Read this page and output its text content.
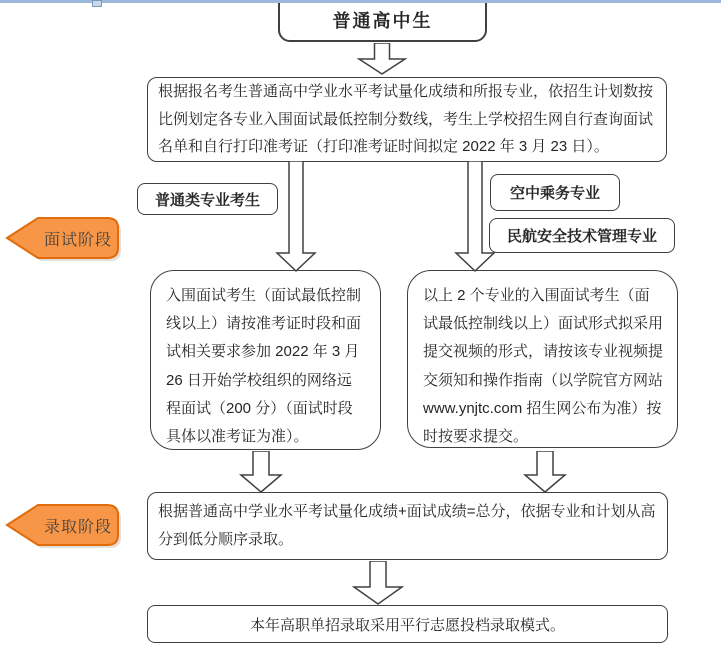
普通高中生
根据报名考生普通高中学业水平考试量化成绩和所报专业，依招生计划数按比例划定各专业入围面试最低控制分数线，考生上学校招生网自行查询面试名单和自行打印准考证（打印准考证时间拟定 2022 年 3 月 23 日）。
普通类专业考生	空中乘务专业
民航安全技术管理专业
面试阶段
入围面试考生（面试最低控制线以上）请按准考证时段和面试相关要求参加 2022 年 3 月 26 日开始学校组织的网络远程面试（200 分）（面试时段具体以准考证为准）。
以上 2 个专业的入围面试考生（面试最低控制线以上）面试形式拟采用提交视频的形式，请按该专业视频提交须知和操作指南（以学院官方网站 www.ynjtc.com 招生网公布为准）按时按要求提交。
录取阶段
根据普通高中学业水平考试量化成绩+面试成绩=总分，依据专业和计划从高分到低分顺序录取。
本年高职单招录取采用平行志愿投档录取模式。
